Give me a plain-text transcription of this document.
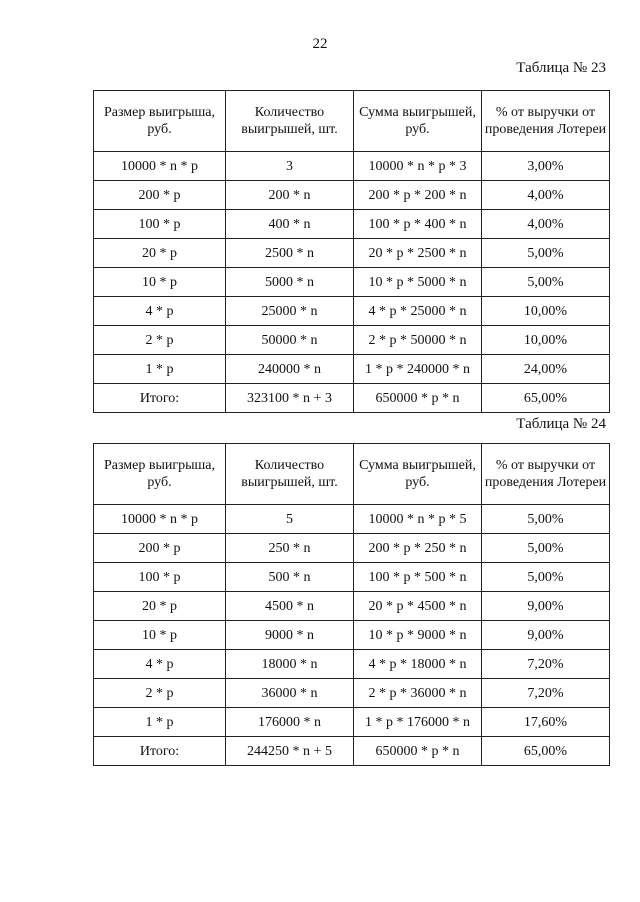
22
Таблица № 23
Размер выигрыша, руб.	Количество выигрышей, шт.	Сумма выигрышей, руб.	% от выручки от проведения Лотереи
10000 * n * p	3	10000 * n * p * 3	3,00%
200 * p	200 * n	200 * p * 200 * n	4,00%
100 * p	400 * n	100 * p * 400 * n	4,00%
20 * p	2500 * n	20 * p * 2500 * n	5,00%
10 * p	5000 * n	10 * p * 5000 * n	5,00%
4 * p	25000 * n	4 * p * 25000 * n	10,00%
2 * p	50000 * n	2 * p * 50000 * n	10,00%
1 * p	240000 * n	1 * p * 240000 * n	24,00%
Итого:	323100 * n + 3	650000 * p * n	65,00%
Таблица № 24
Размер выигрыша, руб.	Количество выигрышей, шт.	Сумма выигрышей, руб.	% от выручки от проведения Лотереи
10000 * n * p	5	10000 * n * p * 5	5,00%
200 * p	250 * n	200 * p * 250 * n	5,00%
100 * p	500 * n	100 * p * 500 * n	5,00%
20 * p	4500 * n	20 * p * 4500 * n	9,00%
10 * p	9000 * n	10 * p * 9000 * n	9,00%
4 * p	18000 * n	4 * p * 18000 * n	7,20%
2 * p	36000 * n	2 * p * 36000 * n	7,20%
1 * p	176000 * n	1 * p * 176000 * n	17,60%
Итого:	244250 * n + 5	650000 * p * n	65,00%
